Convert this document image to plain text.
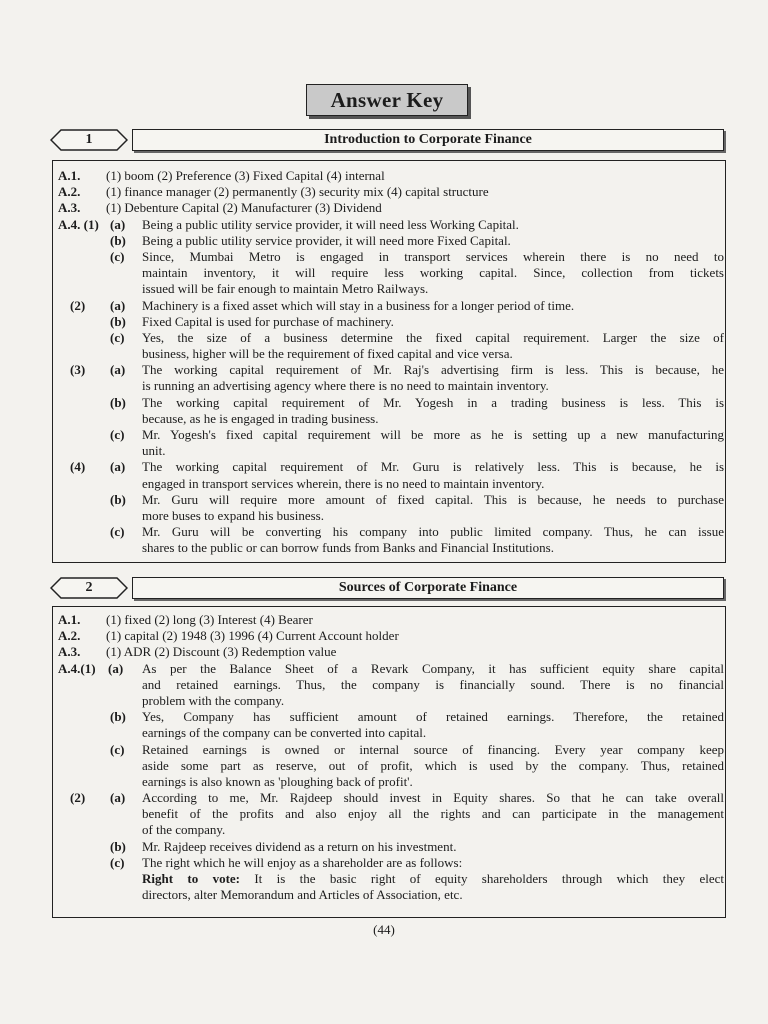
Answer Key
1	Introduction to Corporate Finance
A.1. (1) boom (2) Preference (3) Fixed Capital (4) internal
A.2. (1) finance manager (2) permanently (3) security mix (4) capital structure
A.3. (1) Debenture Capital (2) Manufacturer (3) Dividend
A.4. (1) (a) Being a public utility service provider, it will need less Working Capital.
(b) Being a public utility service provider, it will need more Fixed Capital.
(c) Since, Mumbai Metro is engaged in transport services wherein there is no need to
maintain inventory, it will require less working capital. Since, collection from tickets
issued will be fair enough to maintain Metro Railways.
(2) (a) Machinery is a fixed asset which will stay in a business for a longer period of time.
(b) Fixed Capital is used for purchase of machinery.
(c) Yes, the size of a business determine the fixed capital requirement. Larger the size of
business, higher will be the requirement of fixed capital and vice versa.
(3) (a) The working capital requirement of Mr. Raj's advertising firm is less. This is because, he
is running an advertising agency where there is no need to maintain inventory.
(b) The working capital requirement of Mr. Yogesh in a trading business is less. This is
because, as he is engaged in trading business.
(c) Mr. Yogesh's fixed capital requirement will be more as he is setting up a new manufacturing
unit.
(4) (a) The working capital requirement of Mr. Guru is relatively less. This is because, he is
engaged in transport services wherein, there is no need to maintain inventory.
(b) Mr. Guru will require more amount of fixed capital. This is because, he needs to purchase
more buses to expand his business.
(c) Mr. Guru will be converting his company into public limited company. Thus, he can issue
shares to the public or can borrow funds from Banks and Financial Institutions.
2	Sources of Corporate Finance
A.1. (1) fixed (2) long (3) Interest (4) Bearer
A.2. (1) capital (2) 1948 (3) 1996 (4) Current Account holder
A.3. (1) ADR (2) Discount (3) Redemption value
A.4.(1) (a) As per the Balance Sheet of a Revark Company, it has sufficient equity share capital
and retained earnings. Thus, the company is financially sound. There is no financial
problem with the company.
(b) Yes, Company has sufficient amount of retained earnings. Therefore, the retained
earnings of the company can be converted into capital.
(c) Retained earnings is owned or internal source of financing. Every year company keep
aside some part as reserve, out of profit, which is used by the company. Thus, retained
earnings is also known as 'ploughing back of profit'.
(2) (a) According to me, Mr. Rajdeep should invest in Equity shares. So that he can take overall
benefit of the profits and also enjoy all the rights and can participate in the management
of the company.
(b) Mr. Rajdeep receives dividend as a return on his investment.
(c) The right which he will enjoy as a shareholder are as follows:
Right to vote: It is the basic right of equity shareholders through which they elect
directors, alter Memorandum and Articles of Association, etc.
(44)
